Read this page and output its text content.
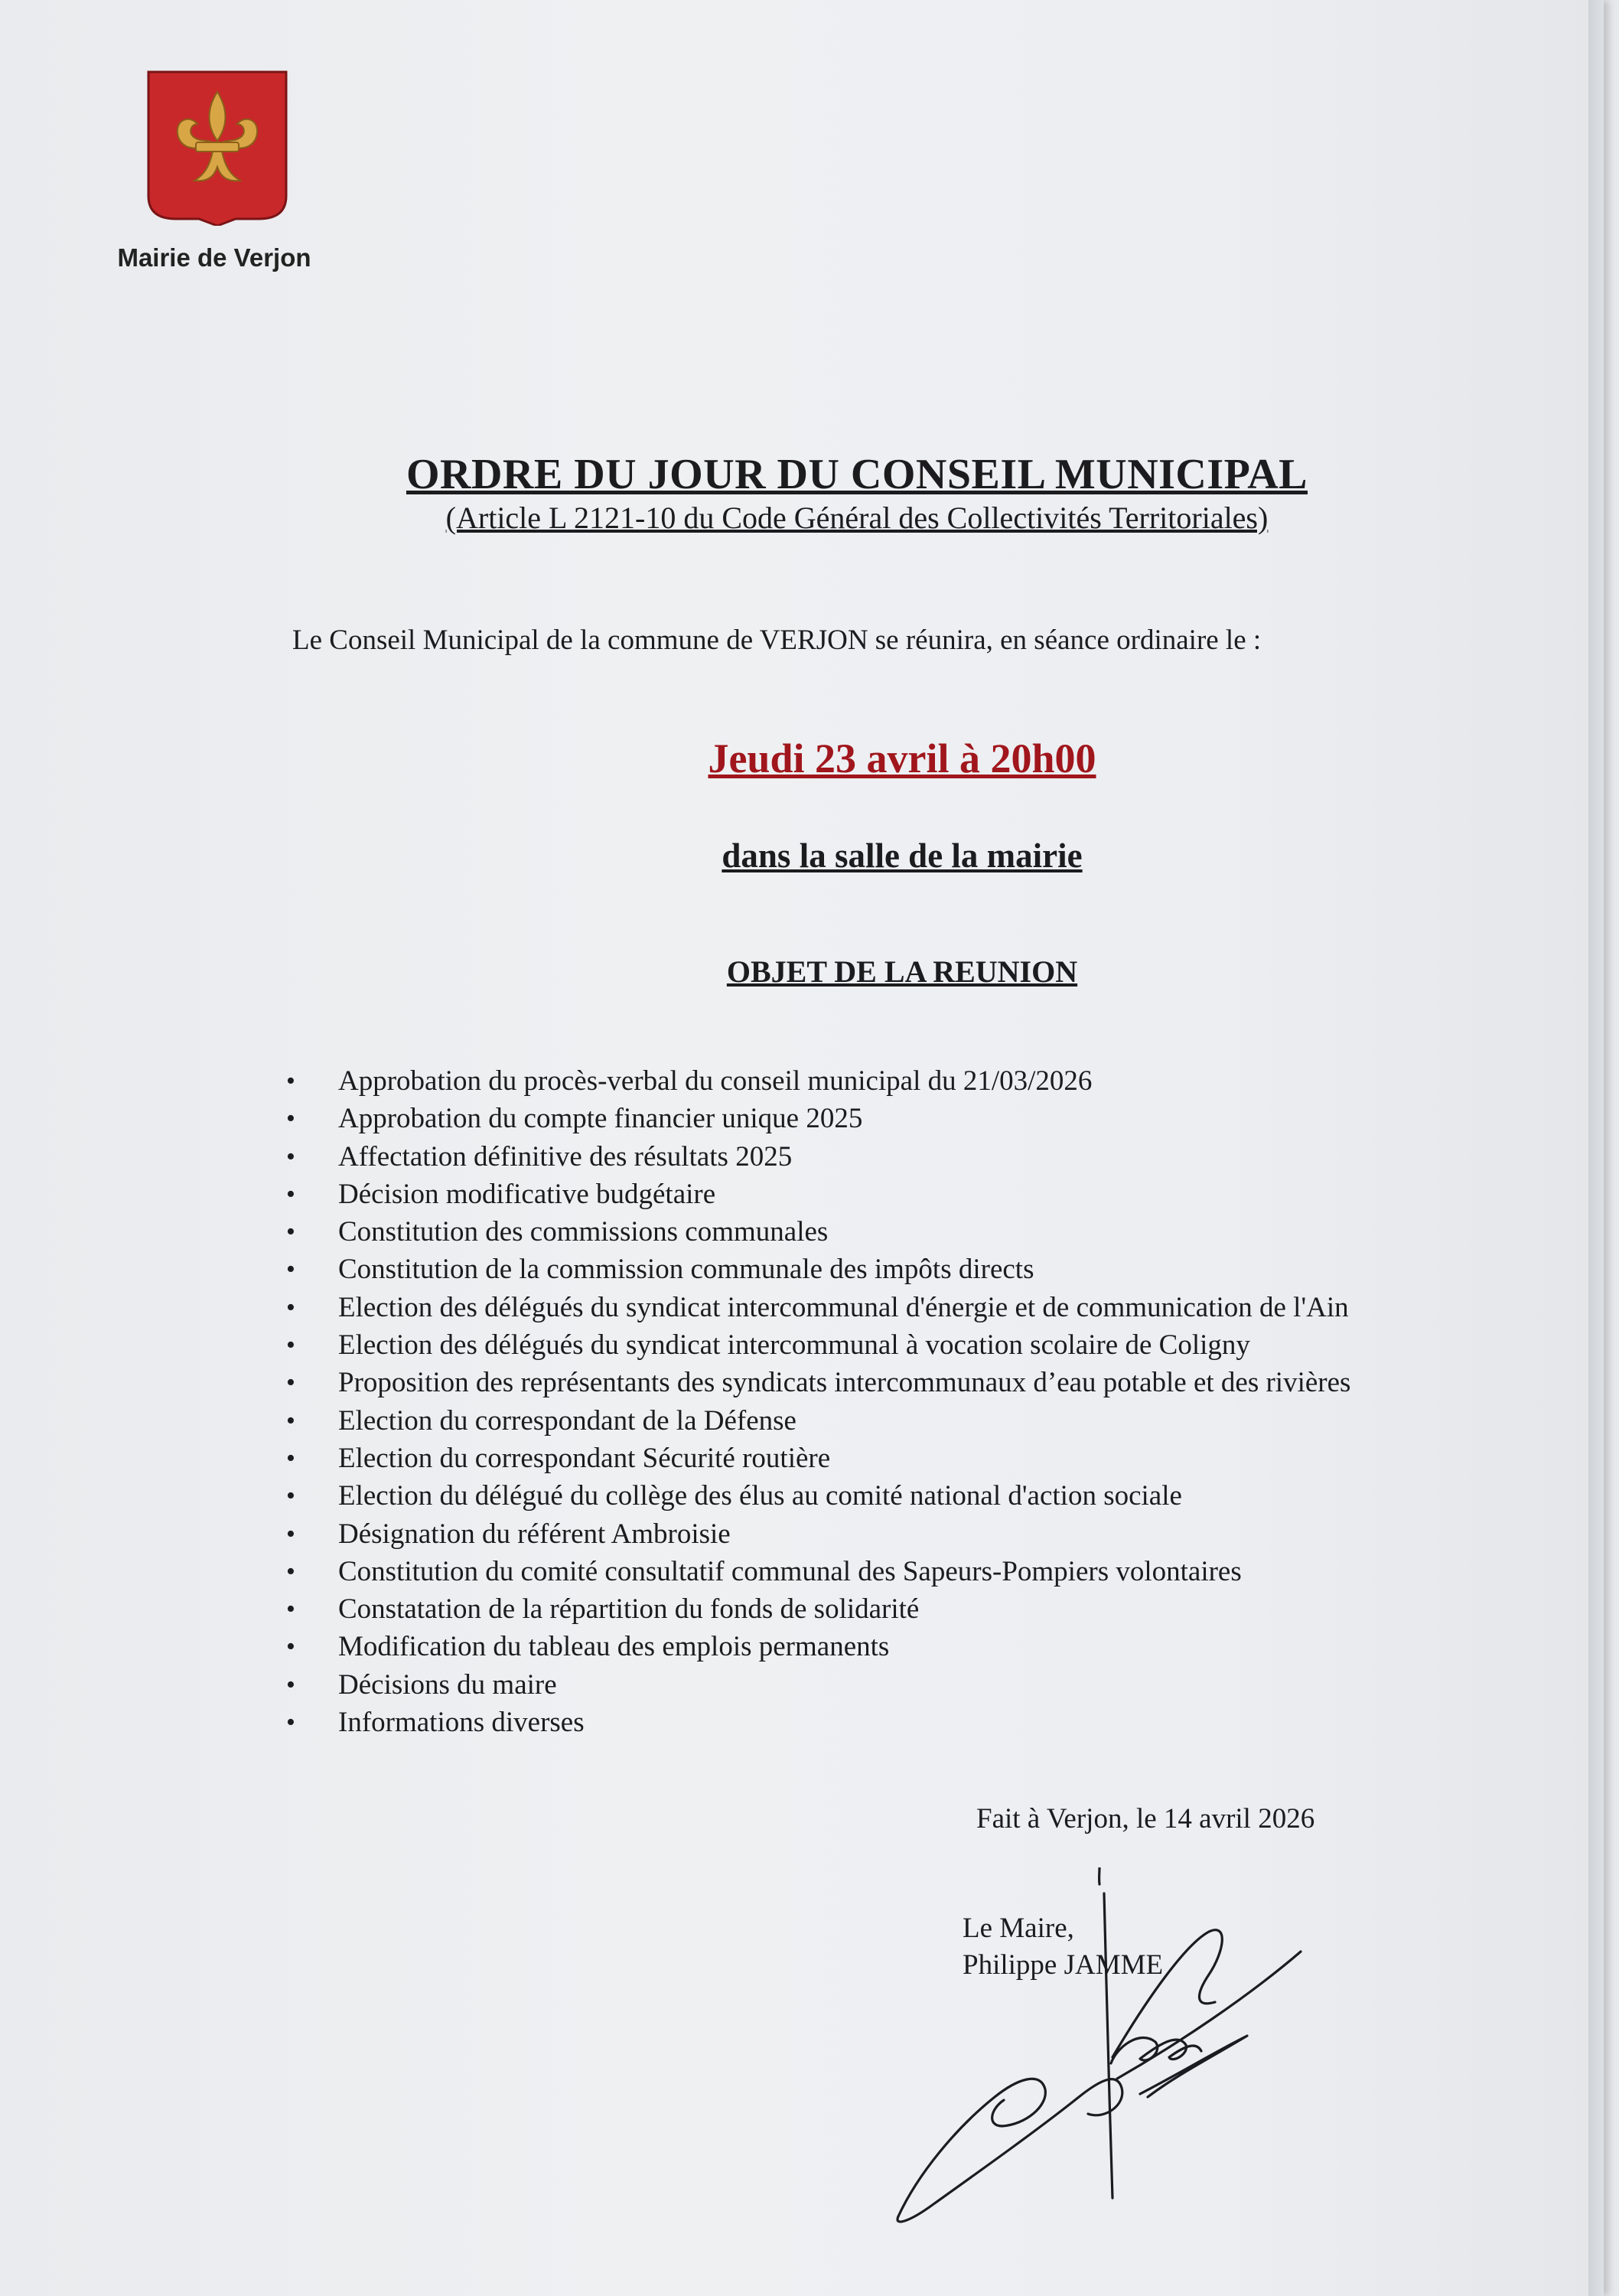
Mairie de Verjon
ORDRE DU JOUR DU CONSEIL MUNICIPAL
(Article L 2121-10 du Code Général des Collectivités Territoriales)
Le Conseil Municipal de la commune de VERJON se réunira, en séance ordinaire le :
Jeudi 23 avril à 20h00
dans la salle de la mairie
OBJET DE LA REUNION
• Approbation du procès-verbal du conseil municipal du 21/03/2026
• Approbation du compte financier unique 2025
• Affectation définitive des résultats 2025
• Décision modificative budgétaire
• Constitution des commissions communales
• Constitution de la commission communale des impôts directs
• Election des délégués du syndicat intercommunal d'énergie et de communication de l'Ain
• Election des délégués du syndicat intercommunal à vocation scolaire de Coligny
• Proposition des représentants des syndicats intercommunaux d’eau potable et des rivières
• Election du correspondant de la Défense
• Election du correspondant Sécurité routière
• Election du délégué du collège des élus au comité national d'action sociale
• Désignation du référent Ambroisie
• Constitution du comité consultatif communal des Sapeurs-Pompiers volontaires
• Constatation de la répartition du fonds de solidarité
• Modification du tableau des emplois permanents
• Décisions du maire
• Informations diverses
Fait à Verjon, le 14 avril 2026
Le Maire,
Philippe JAMME
